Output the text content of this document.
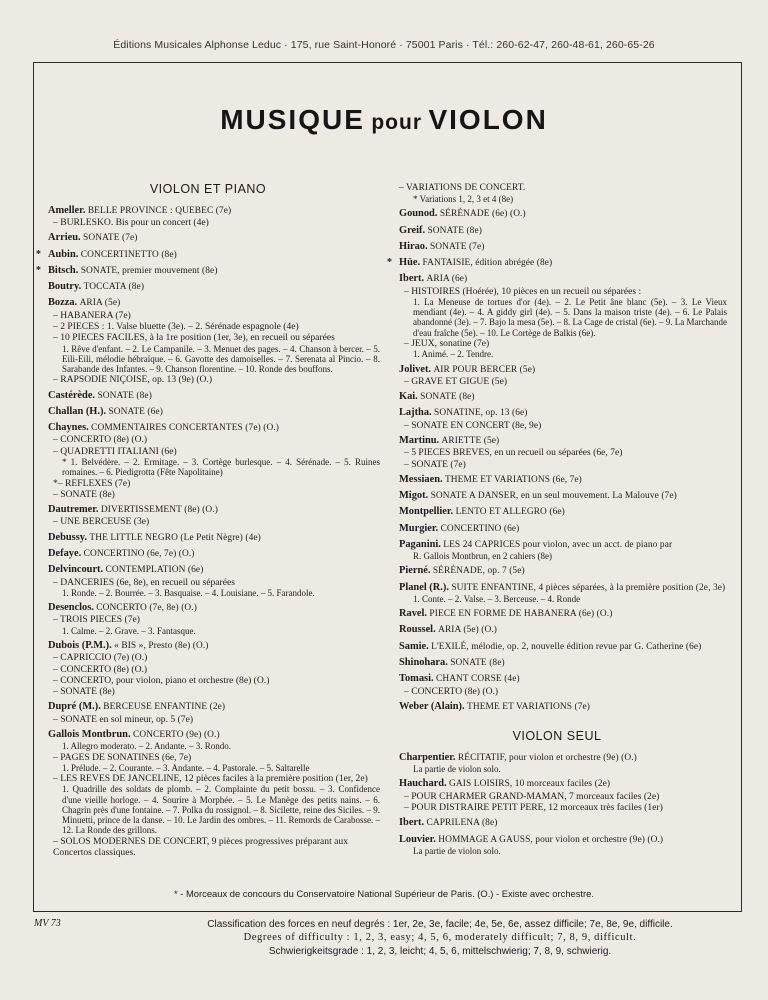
Éditions Musicales Alphonse Leduc · 175, rue Saint-Honoré · 75001 Paris · Tél.: 260-62-47, 260-48-61, 260-65-26
MUSIQUE pour VIOLON
VIOLON ET PIANO
Ameller. BELLE PROVINCE : QUEBEC (7e)
– BURLESKO. Bis pour un concert (4e)
Arrieu. SONATE (7e)
* Aubin. CONCERTINETTO (8e)
* Bitsch. SONATE, premier mouvement (8e)
Boutry. TOCCATA (8e)
Bozza. ARIA (5e)
– HABANERA (7e)
– 2 PIECES : 1. Valse bluette (3e). – 2. Sérénade espagnole (4e)
– 10 PIECES FACILES, à la 1re position (1er, 3e), en recueil ou séparées
1. Rêve d'enfant. – 2. Le Campanile. – 3. Menuet des pages. – 4. Chanson à bercer. – 5. Eili-Eili, mélodie hébraïque. – 6. Gavotte des damoiselles. – 7. Serenata al Pincio. – 8. Sarabande des Infantes. – 9. Chanson florentine. – 10. Ronde des bouffons.
– RAPSODIE NIÇOISE, op. 13 (9e) (O.)
Castérède. SONATE (8e)
Challan (H.). SONATE (6e)
Chaynes. COMMENTAIRES CONCERTANTES (7e) (O.)
– CONCERTO (8e) (O.)
– QUADRETTI ITALIANI (6e)
* 1. Belvédère. – 2. Ermitage. – 3. Cortège burlesque. – 4. Sérénade. – 5. Ruines romaines. – 6. Piedigrotta (Fête Napolitaine)
*– REFLEXES (7e)
– SONATE (8e)
Dautremer. DIVERTISSEMENT (8e) (O.)
– UNE BERCEUSE (3e)
Debussy. THE LITTLE NEGRO (Le Petit Nègre) (4e)
Defaye. CONCERTINO (6e, 7e) (O.)
Delvincourt. CONTEMPLATION (6e)
– DANCERIES (6e, 8e), en recueil ou séparées
1. Ronde. – 2. Bourrée. – 3. Basquaise. – 4. Louisiane. – 5. Farandole.
Desenclos. CONCERTO (7e, 8e) (O.)
– TROIS PIECES (7e)
1. Calme. – 2. Grave. – 3. Fantasque.
Dubois (P.M.). « BIS », Presto (8e) (O.)
– CAPRICCIO (7e) (O.)
– CONCERTO (8e) (O.)
– CONCERTO, pour violon, piano et orchestre (8e) (O.)
– SONATE (8e)
Dupré (M.). BERCEUSE ENFANTINE (2e)
– SONATE en sol mineur, op. 5 (7e)
Gallois Montbrun. CONCERTO (9e) (O.)
1. Allegro moderato. – 2. Andante. – 3. Rondo.
– PAGES DE SONATINES (6e, 7e)
1. Prélude. – 2. Courante. – 3. Andante. – 4. Pastorale. – 5. Saltarelle
– LES REVES DE JANCELINE, 12 pièces faciles à la première position (1er, 2e)
1. Quadrille des soldats de plomb. – 2. Complainte du petit bossu. – 3. Confidence d'une vieille horloge. – 4. Sourire à Morphée. – 5. Le Manège des petits nains. – 6. Chagrin près d'une fontaine. – 7. Polka du rossignol. – 8. Sicilette, reine des Siciles. – 9. Minuetti, prince de la danse. – 10. Le Jardin des ombres. – 11. Remords de Carabosse. – 12. La Ronde des grillons.
– SOLOS MODERNES DE CONCERT, 9 pièces progressives préparant aux Concertos classiques.
– VARIATIONS DE CONCERT.
* Variations 1, 2, 3 et 4 (8e)
Gounod. SÉRÉNADE (6e) (O.)
Greif. SONATE (8e)
Hirao. SONATE (7e)
* Hüe. FANTAISIE, édition abrégée (8e)
Ibert. ARIA (6e)
– HISTOIRES (Hoérée), 10 pièces en un recueil ou séparées :
1. La Meneuse de tortues d'or (4e). – 2. Le Petit âne blanc (5e). – 3. Le Vieux mendiant (4e). – 4. A giddy girl (4e). – 5. Dans la maison triste (4e). – 6. Le Palais abandonné (3e). – 7. Bajo la mesa (5e). – 8. La Cage de cristal (6e). – 9. La Marchande d'eau fraîche (5e). – 10. Le Cortège de Balkis (6e).
– JEUX, sonatine (7e)
1. Animé. – 2. Tendre.
Jolivet. AIR POUR BERCER (5e)
– GRAVE ET GIGUE (5e)
Kai. SONATE (8e)
Lajtha. SONATINE, op. 13 (6e)
– SONATE EN CONCERT (8e, 9e)
Martinu. ARIETTE (5e)
– 5 PIECES BREVES, en un recueil ou séparées (6e, 7e)
– SONATE (7e)
Messiaen. THEME ET VARIATIONS (6e, 7e)
Migot. SONATE A DANSER, en un seul mouvement. La Malouve (7e)
Montpellier. LENTO ET ALLEGRO (6e)
Murgier. CONCERTINO (6e)
Paganini. LES 24 CAPRICES pour violon, avec un acct. de piano par
R. Gallois Montbrun, en 2 cahiers (8e)
Pierné. SÉRÉNADE, op. 7 (5e)
Planel (R.). SUITE ENFANTINE, 4 pièces séparées, à la première position (2e, 3e)
1. Conte. – 2. Valse. – 3. Berceuse. – 4. Ronde
Ravel. PIECE EN FORME DE HABANERA (6e) (O.)
Roussel. ARIA (5e) (O.)
Samie. L'EXILÉ, mélodie, op. 2, nouvelle édition revue par G. Catherine (6e)
Shinohara. SONATE (8e)
Tomasi. CHANT CORSE (4e)
– CONCERTO (8e) (O.)
Weber (Alain). THEME ET VARIATIONS (7e)
VIOLON SEUL
Charpentier. RÉCITATIF, pour violon et orchestre (9e) (O.)
La partie de violon solo.
Hauchard. GAIS LOISIRS, 10 morceaux faciles (2e)
– POUR CHARMER GRAND-MAMAN, 7 morceaux faciles (2e)
– POUR DISTRAIRE PETIT PERE, 12 morceaux très faciles (1er)
Ibert. CAPRILENA (8e)
Louvier. HOMMAGE A GAUSS, pour violon et orchestre (9e) (O.)
La partie de violon solo.
* - Morceaux de concours du Conservatoire National Supérieur de Paris. (O.) - Existe avec orchestre.
MV 73	Classification des forces en neuf degrés : 1er, 2e, 3e, facile; 4e, 5e, 6e, assez difficile; 7e, 8e, 9e, difficile.
Degrees of difficulty : 1, 2, 3, easy; 4, 5, 6, moderately difficult; 7, 8, 9, difficult.
Schwierigkeitsgrade : 1, 2, 3, leicht; 4, 5, 6, mittelschwierig; 7, 8, 9, schwierig.
